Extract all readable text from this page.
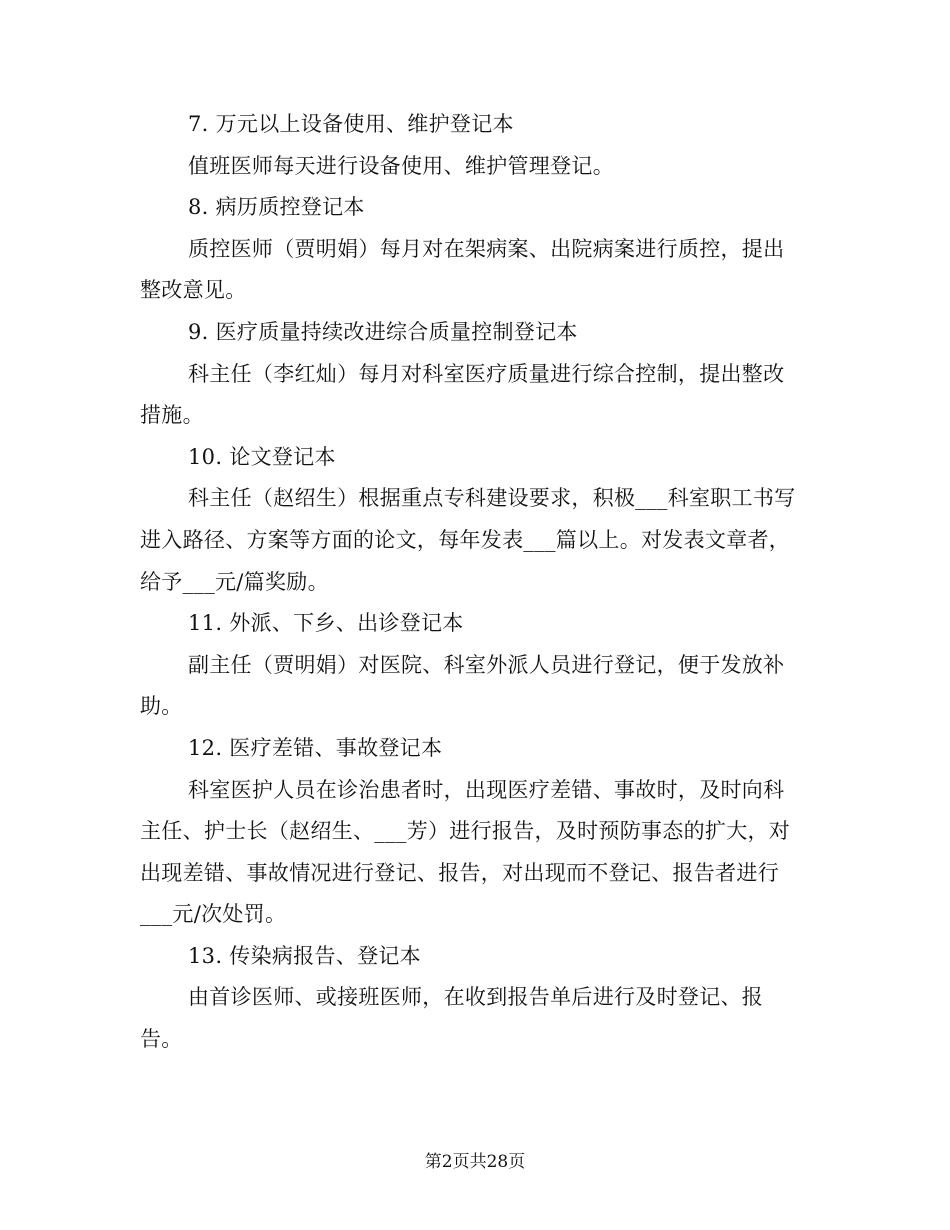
7. 万元以上设备使用、维护登记本
值班医师每天进行设备使用、维护管理登记。
8. 病历质控登记本
质控医师（贾明娟）每月对在架病案、出院病案进行质控，提出
整改意见。
9. 医疗质量持续改进综合质量控制登记本
科主任（李红灿）每月对科室医疗质量进行综合控制，提出整改
措施。
10. 论文登记本
科主任（赵绍生）根据重点专科建设要求，积极___科室职工书写
进入路径、方案等方面的论文，每年发表___篇以上。对发表文章者，
给予___元/篇奖励。
11. 外派、下乡、出诊登记本
副主任（贾明娟）对医院、科室外派人员进行登记，便于发放补
助。
12. 医疗差错、事故登记本
科室医护人员在诊治患者时，出现医疗差错、事故时，及时向科
主任、护士长（赵绍生、___芳）进行报告，及时预防事态的扩大，对
出现差错、事故情况进行登记、报告，对出现而不登记、报告者进行
___元/次处罚。
13. 传染病报告、登记本
由首诊医师、或接班医师，在收到报告单后进行及时登记、报
告。
第2页共28页
